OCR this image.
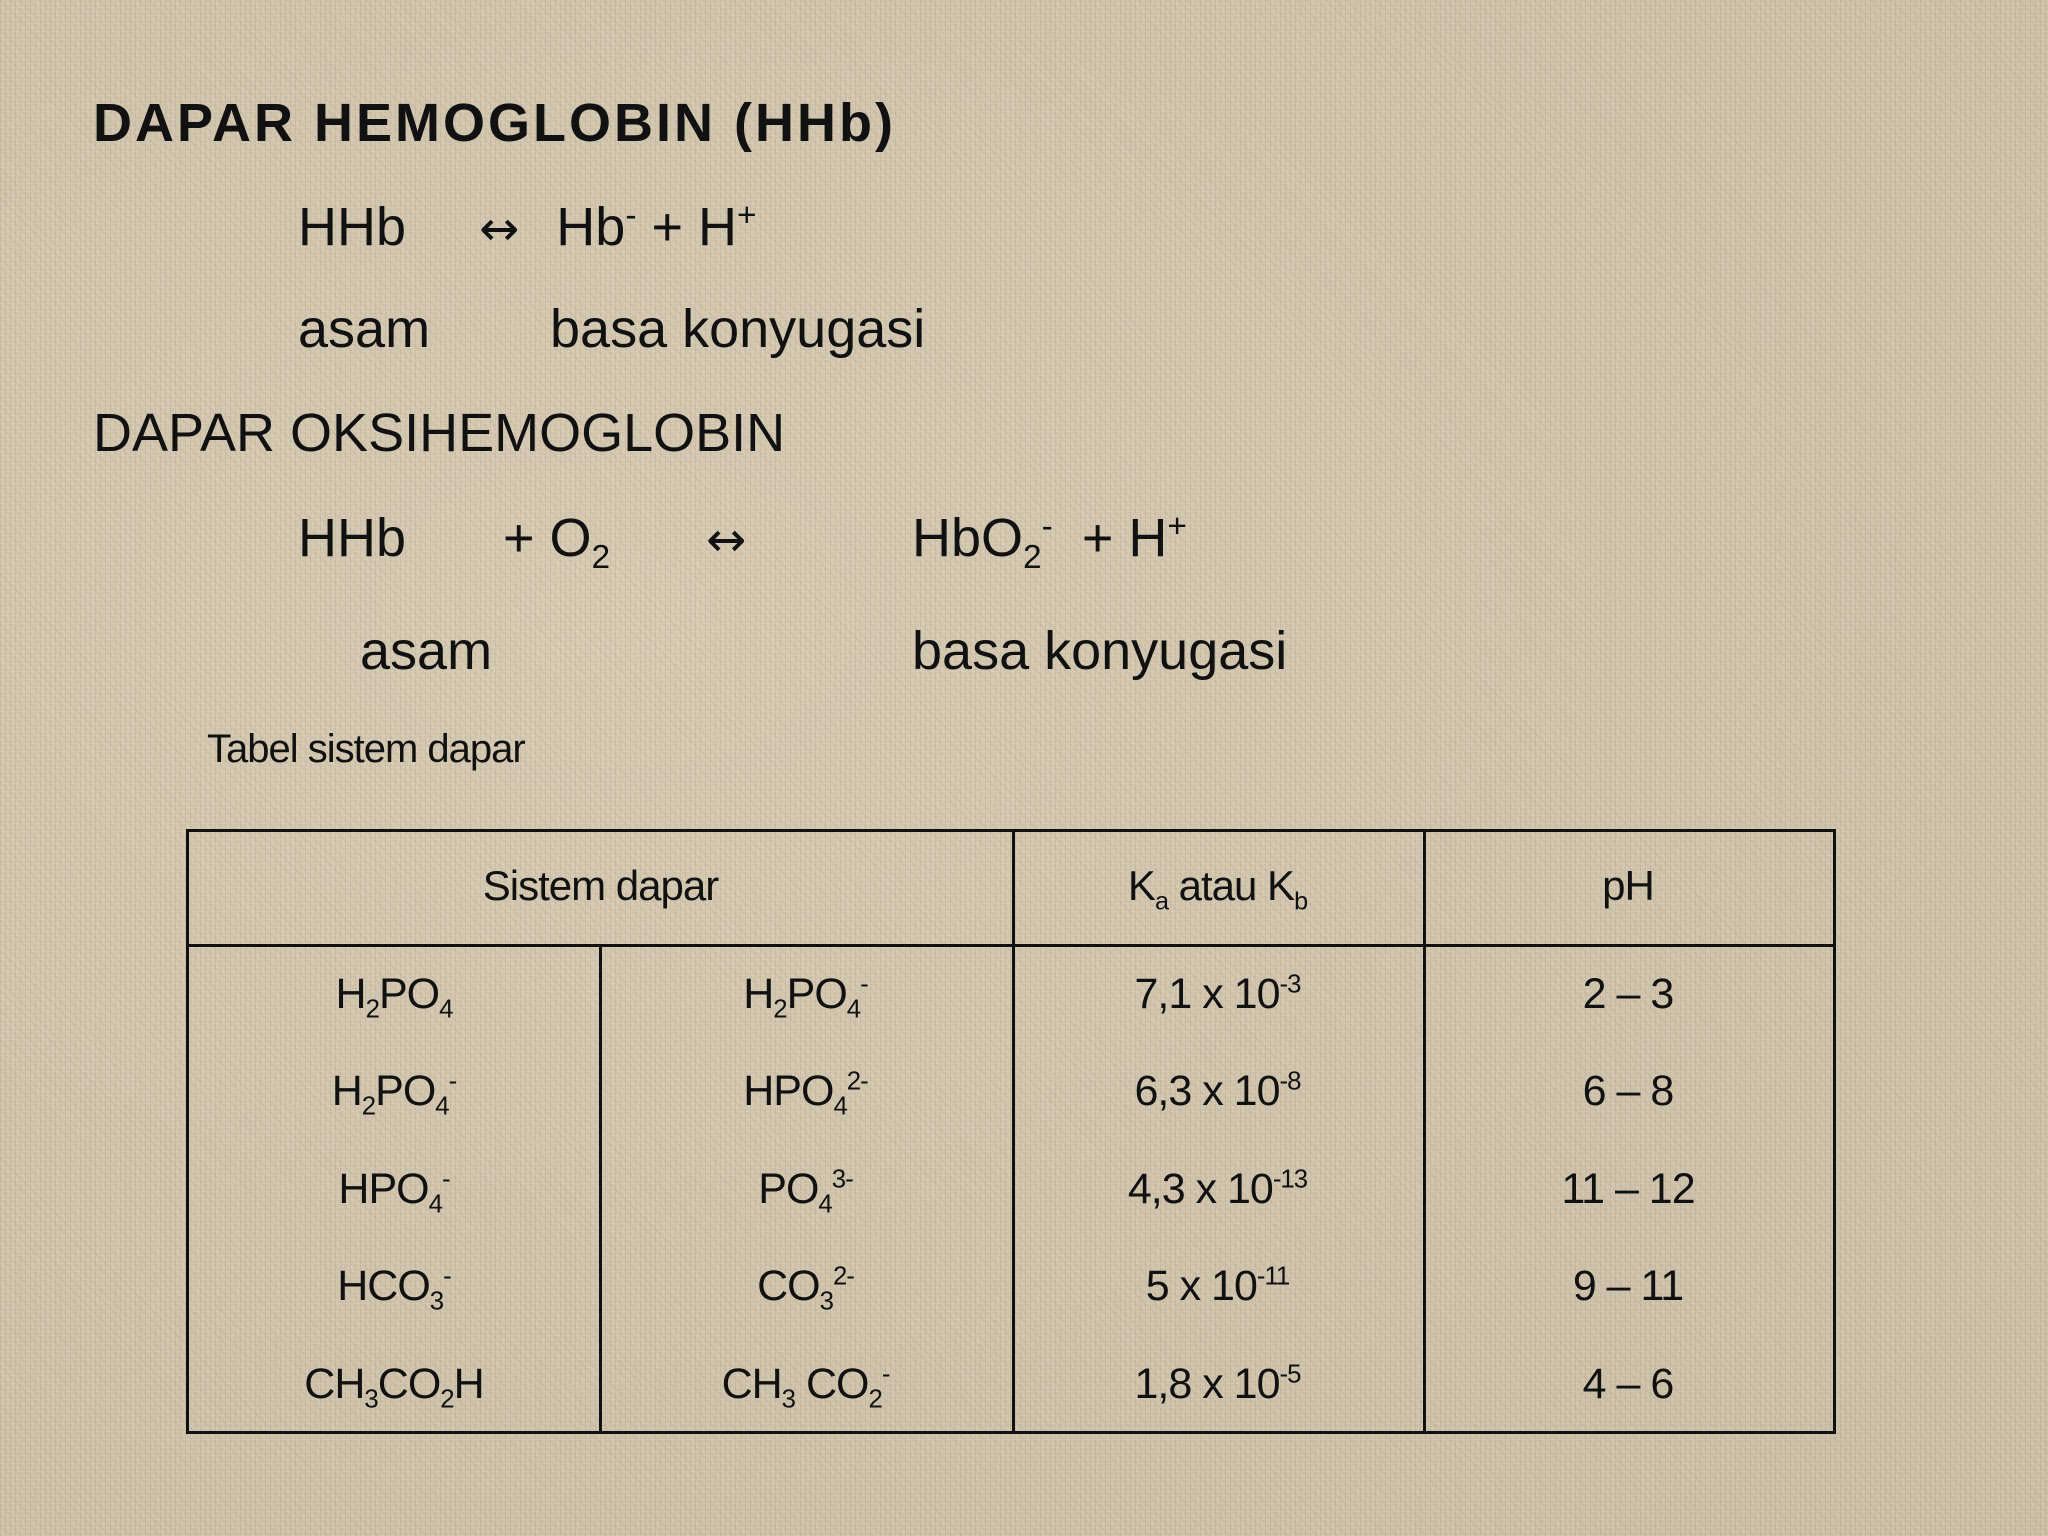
DAPAR HEMOGLOBIN (HHb)
HHb ↔ Hb- + H+
asam basa konyugasi
DAPAR OKSIHEMOGLOBIN
HHb + $O_2$ ↔	HbO$_2$- + H+
asam	basa konyugasi
Tabel sistem dapar
Sistem dapar	$K_a$ atau $K_b$	pH
$H_2PO_4$	$H_2PO_4^-$	7,1 x $10^{-3}$	2 – 3
$H_2PO_4^-$	$HPO_4^{2-}$	6,3 x $10^{-8}$	6 – 8
$HPO_4^-$	$PO_4^{3-}$	4,3 x $10^{-13}$	11 – 12
$HCO_3^-$	$CO_3^{2-}$	5 x $10^{-11}$	9 – 11
$CH_3CO_2H$	$CH_3$ $CO_2^-$	1,8 x $10^{-5}$	4 – 6
